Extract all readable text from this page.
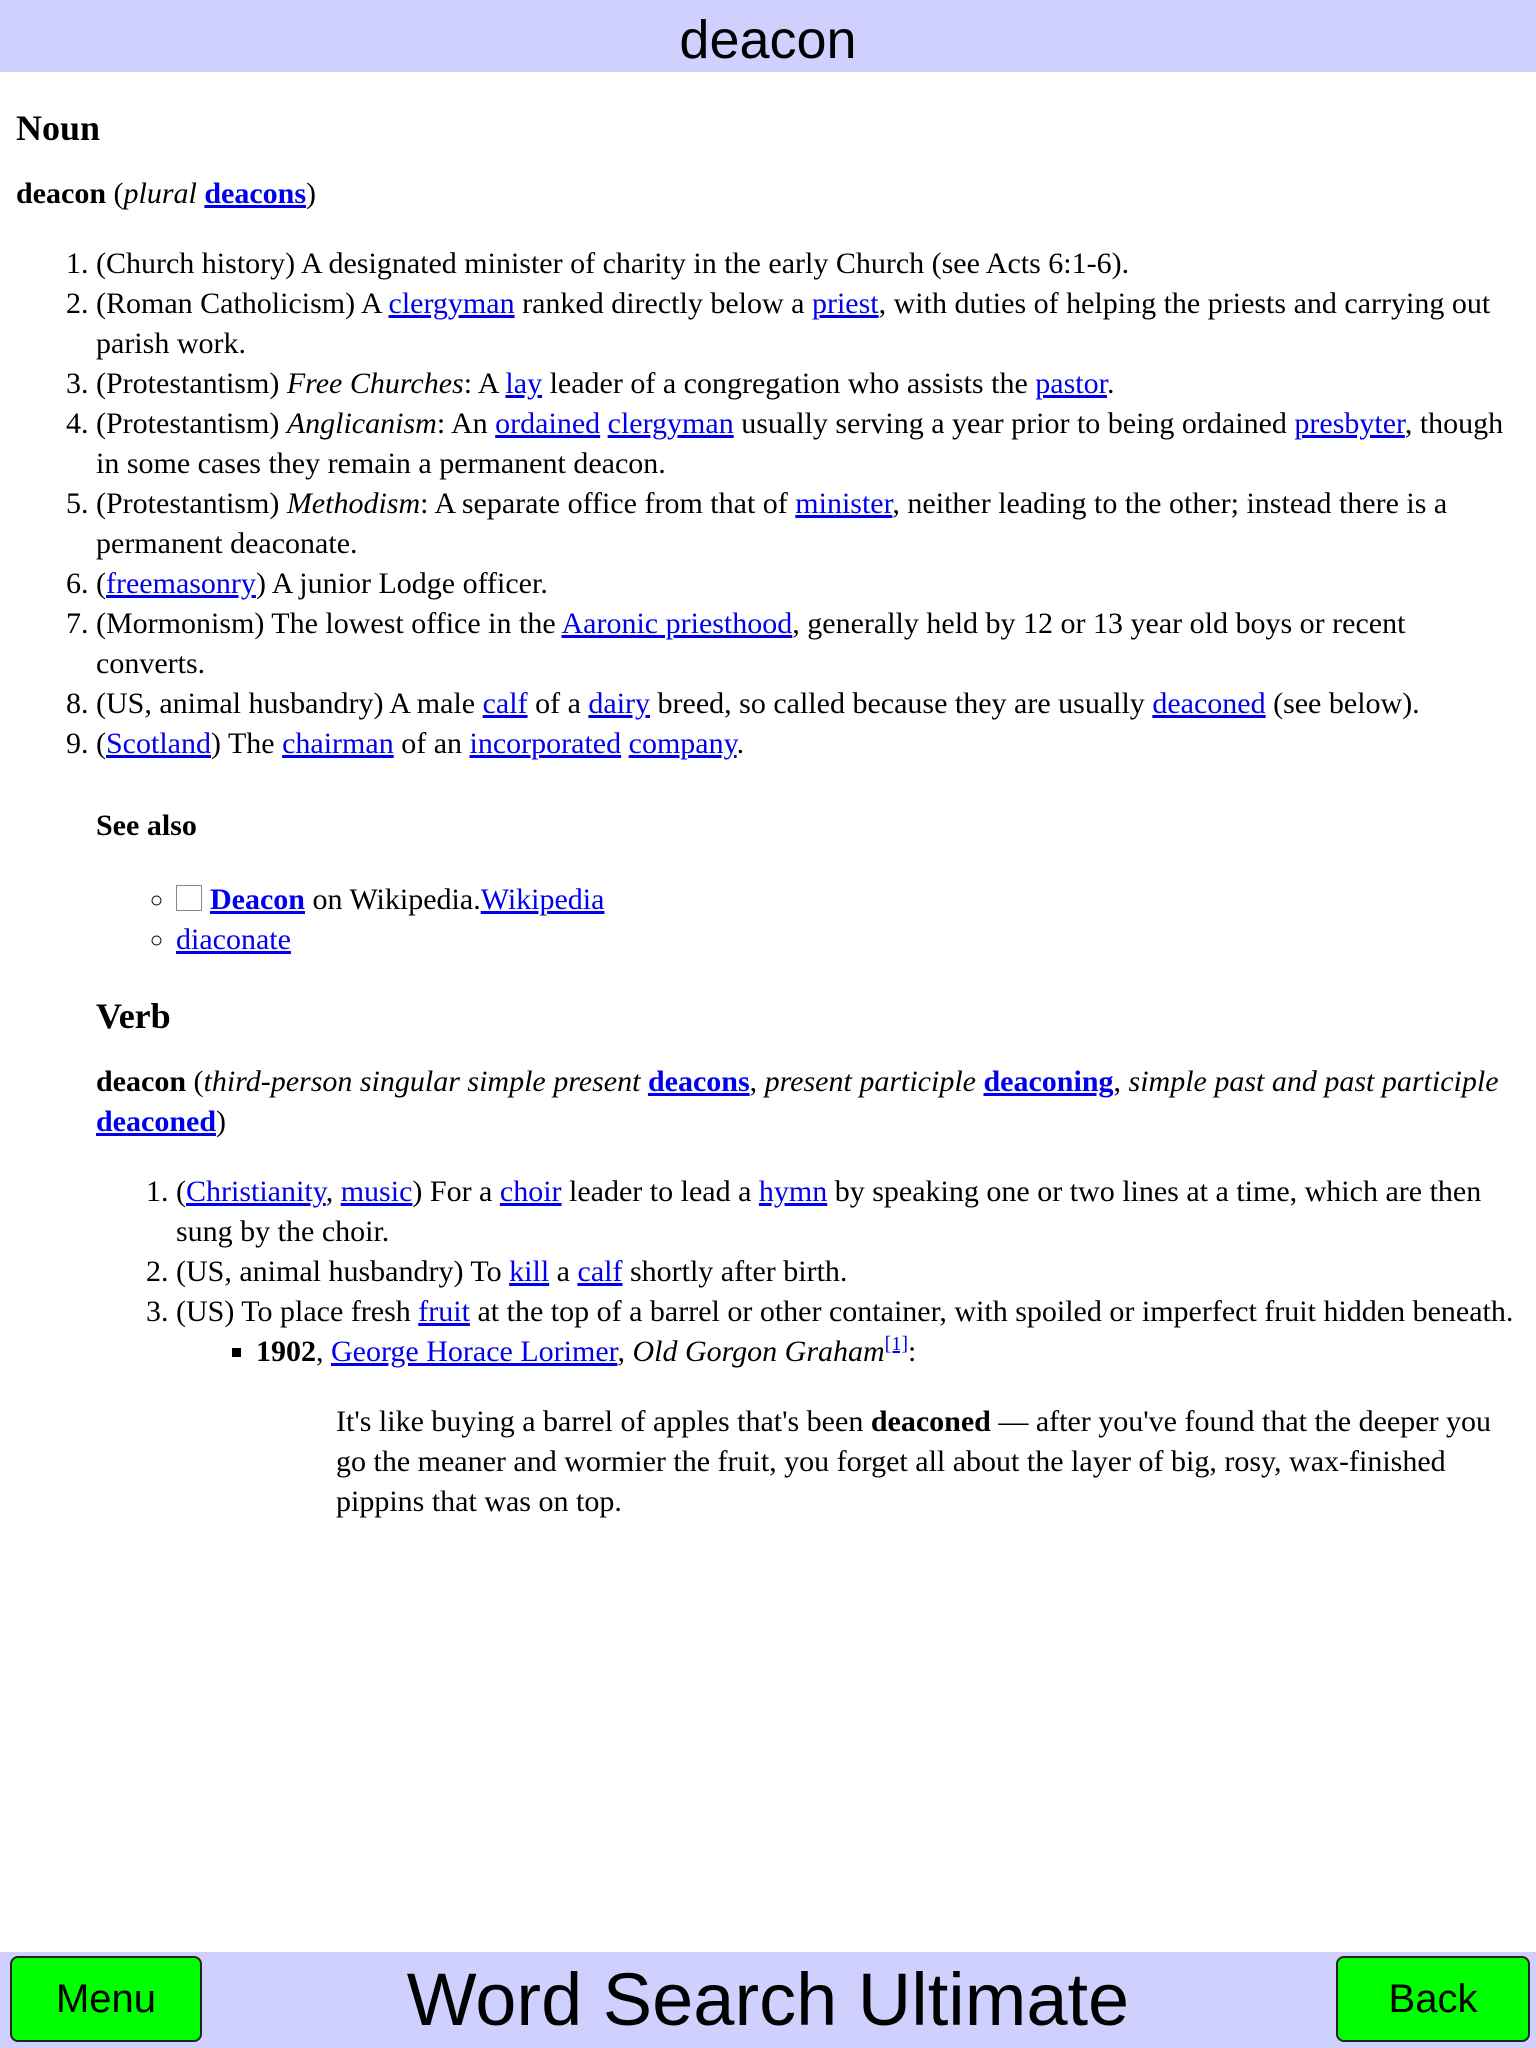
deacon
Noun

deacon (plural deacons)

1. (Church history) A designated minister of charity in the early Church (see Acts 6:1-6).
2. (Roman Catholicism) A clergyman ranked directly below a priest, with duties of helping the priests and carrying out parish work.
3. (Protestantism) Free Churches: A lay leader of a congregation who assists the pastor.
4. (Protestantism) Anglicanism: An ordained clergyman usually serving a year prior to being ordained presbyter, though in some cases they remain a permanent deacon.
5. (Protestantism) Methodism: A separate office from that of minister, neither leading to the other; instead there is a permanent deaconate.
6. (freemasonry) A junior Lodge officer.
7. (Mormonism) The lowest office in the Aaronic priesthood, generally held by 12 or 13 year old boys or recent converts.
8. (US, animal husbandry) A male calf of a dairy breed, so called because they are usually deaconed (see below).
9. (Scotland) The chairman of an incorporated company.
See also
◦ Deacon on Wikipedia.Wikipedia
◦ diaconate
Verb

deacon (third-person singular simple present deacons, present participle deaconing, simple past and past participle deaconed)

1. (Christianity, music) For a choir leader to lead a hymn by speaking one or two lines at a time, which are then sung by the choir.
2. (US, animal husbandry) To kill a calf shortly after birth.
3. (US) To place fresh fruit at the top of a barrel or other container, with spoiled or imperfect fruit hidden beneath.
▪ 1902, George Horace Lorimer, Old Gorgon Graham[1]:
It's like buying a barrel of apples that's been deaconed — after you've found that the deeper you go the meaner and wormier the fruit, you forget all about the layer of big, rosy, wax-finished pippins that was on top.
Word Search Ultimate
Menu	Back
